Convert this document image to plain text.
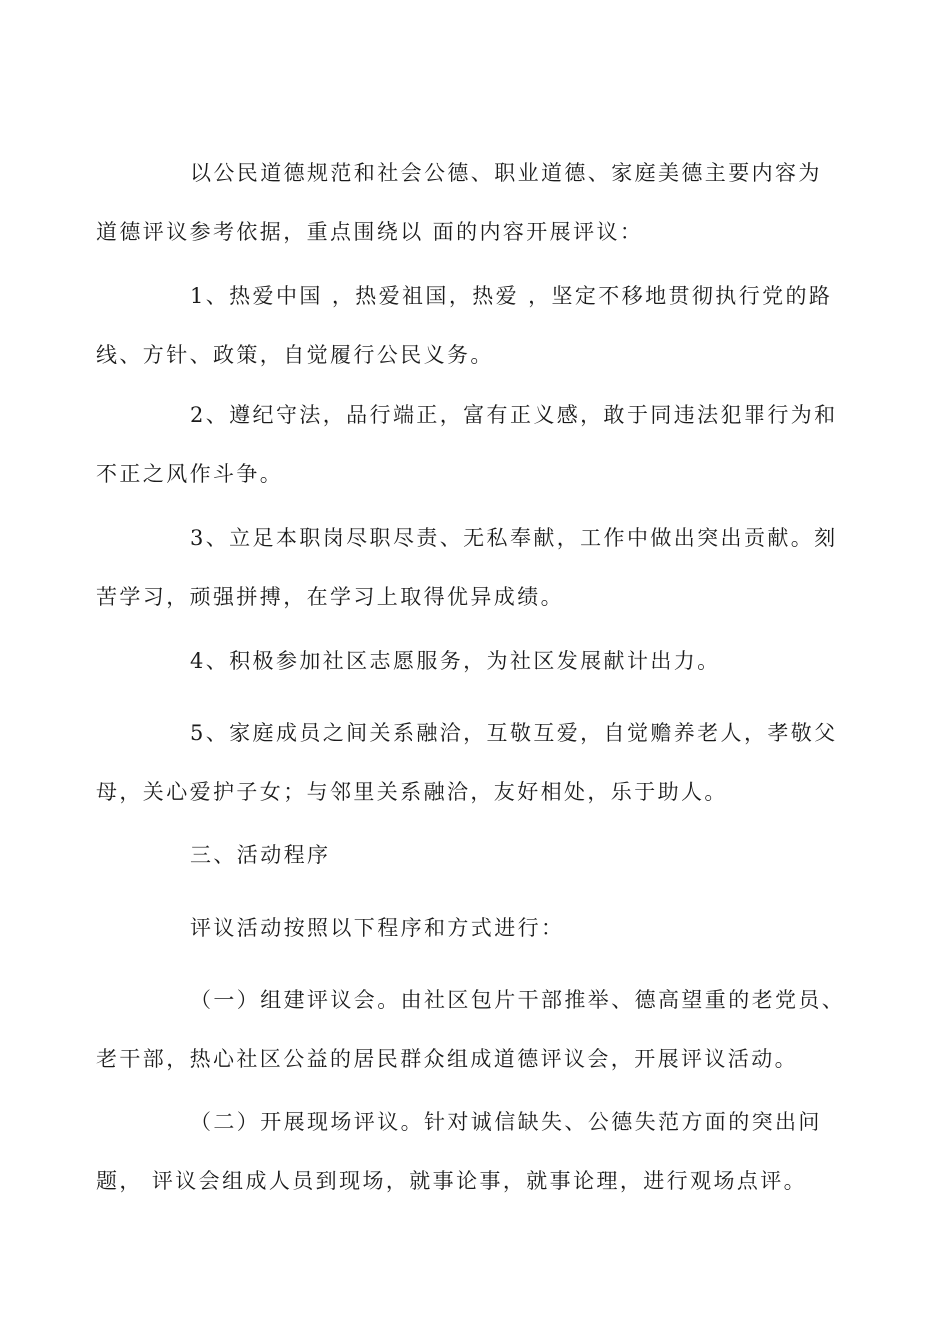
以公民道德规范和社会公德、职业道德、家庭美德主要内容为
道德评议参考依据，重点围绕以 面的内容开展评议：

1、热爱中国 ，热爱祖国，热爱 ，坚定不移地贯彻执行党的路
线、方针、政策，自觉履行公民义务。

2、遵纪守法，品行端正，富有正义感，敢于同违法犯罪行为和
不正之风作斗争。

3、立足本职岗尽职尽责、无私奉献，工作中做出突出贡献。刻
苦学习，顽强拼搏，在学习上取得优异成绩。

4、积极参加社区志愿服务，为社区发展献计出力。

5、家庭成员之间关系融洽，互敬互爱，自觉赡养老人，孝敬父
母，关心爱护子女；与邻里关系融洽，友好相处，乐于助人。

三、活动程序

评议活动按照以下程序和方式进行：

（一）组建评议会。由社区包片干部推举、德高望重的老党员、
老干部，热心社区公益的居民群众组成道德评议会，开展评议活动。

（二）开展现场评议。针对诚信缺失、公德失范方面的突出问
题， 评议会组成人员到现场，就事论事，就事论理，进行观场点评。
